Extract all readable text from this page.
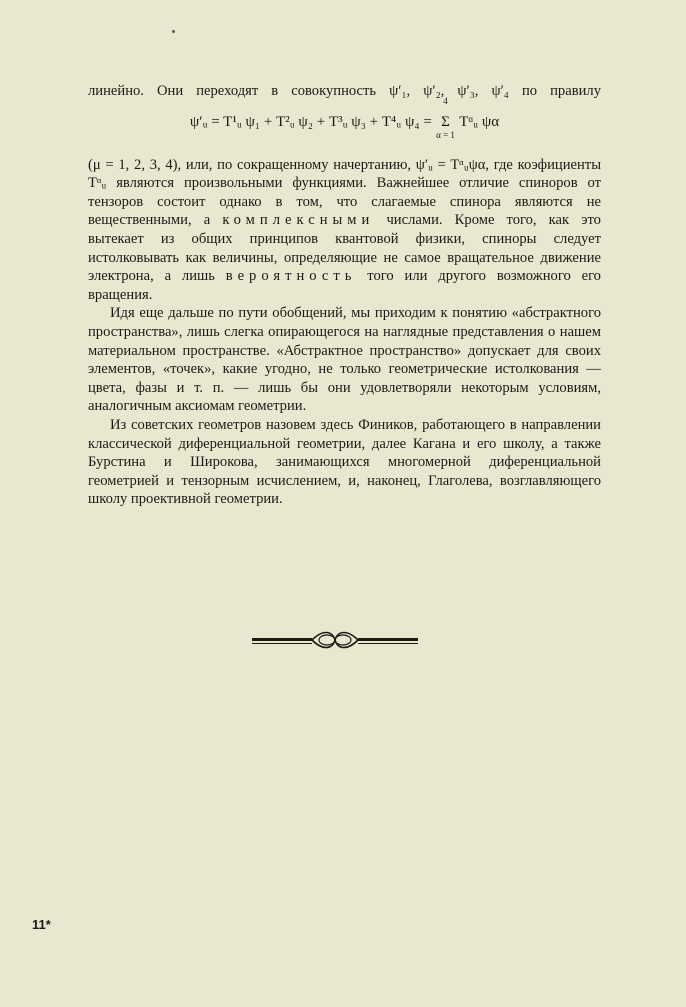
линейно. Они переходят в совокупность ψ′₁, ψ′₂, ψ′₃, ψ′₄ по правилу

ψ′ᵤ = T¹ᵤ ψ₁ + T²ᵤ ψ₂ + T³ᵤ ψ₃ + T⁴ᵤ ψ₄ =
4
Σ
α = 1
Tᵅᵤ ψα

(μ = 1, 2, 3, 4), или, по сокращенному начертанию, ψ′ᵤ = Tᵅᵤψα, где коэфициенты Tᵅᵤ являются произвольными функциями. Важнейшее отличие спиноров от тензоров состоит однако в том, что слагаемые спинора являются не вещественными, а комплексными числами. Кроме того, как это вытекает из общих принципов квантовой физики, спиноры следует истолковывать как величины, определяющие не самое вращательное движение электрона, а лишь вероятность того или другого возможного его вращения.

Идя еще дальше по пути обобщений, мы приходим к понятию «абстрактного пространства», лишь слегка опирающегося на наглядные представления о нашем материальном пространстве. «Абстрактное пространство» допускает для своих элементов, «точек», какие угодно, не только геометрические истолкования — цвета, фазы и т. п. — лишь бы они удовлетворяли некоторым условиям, аналогичным аксиомам геометрии.

Из советских геометров назовем здесь Фиников, работающего в направлении классической диференциальной геометрии, далее Кагана и его школу, а также Бурстина и Широкова, занимающихся многомерной диференциальной геометрией и тензорным исчислением, и, наконец, Глаголева, возглавляющего школу проективной геометрии.

11*
